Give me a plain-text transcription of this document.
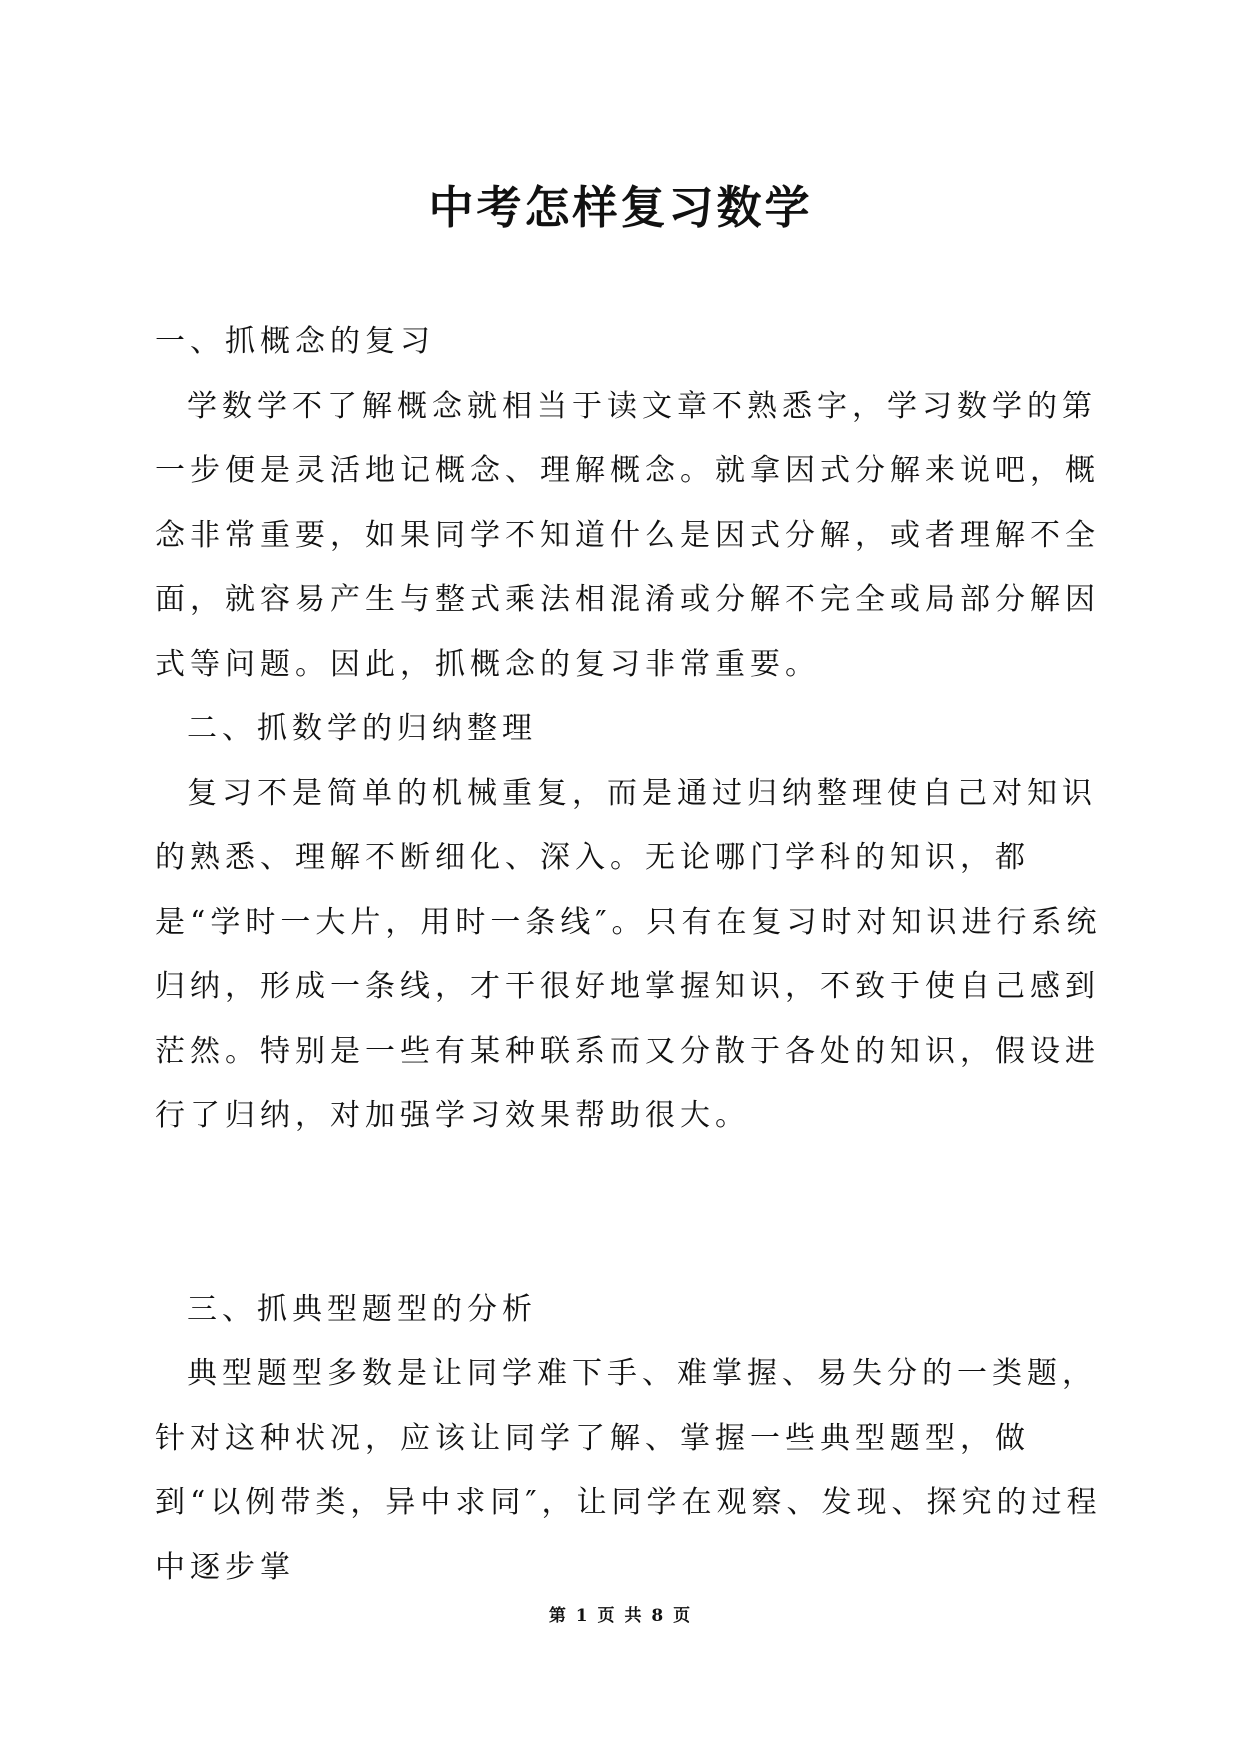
中考怎样复习数学

一、抓概念的复习

学数学不了解概念就相当于读文章不熟悉字，学习数学的第一步便是灵活地记概念、理解概念。就拿因式分解来说吧，概念非常重要，如果同学不知道什么是因式分解，或者理解不全面，就容易产生与整式乘法相混淆或分解不完全或局部分解因式等问题。因此，抓概念的复习非常重要。

二、抓数学的归纳整理

复习不是简单的机械重复，而是通过归纳整理使自己对知识的熟悉、理解不断细化、深入。无论哪门学科的知识，都是“学时一大片，用时一条线″。只有在复习时对知识进行系统归纳，形成一条线，才干很好地掌握知识，不致于使自己感到茫然。特别是一些有某种联系而又分散于各处的知识，假设进行了归纳，对加强学习效果帮助很大。

三、抓典型题型的分析

典型题型多数是让同学难下手、难掌握、易失分的一类题，针对这种状况，应该让同学了解、掌握一些典型题型，做到“以例带类，异中求同″，让同学在观察、发现、探究的过程中逐步掌

第 1 页 共 8 页
